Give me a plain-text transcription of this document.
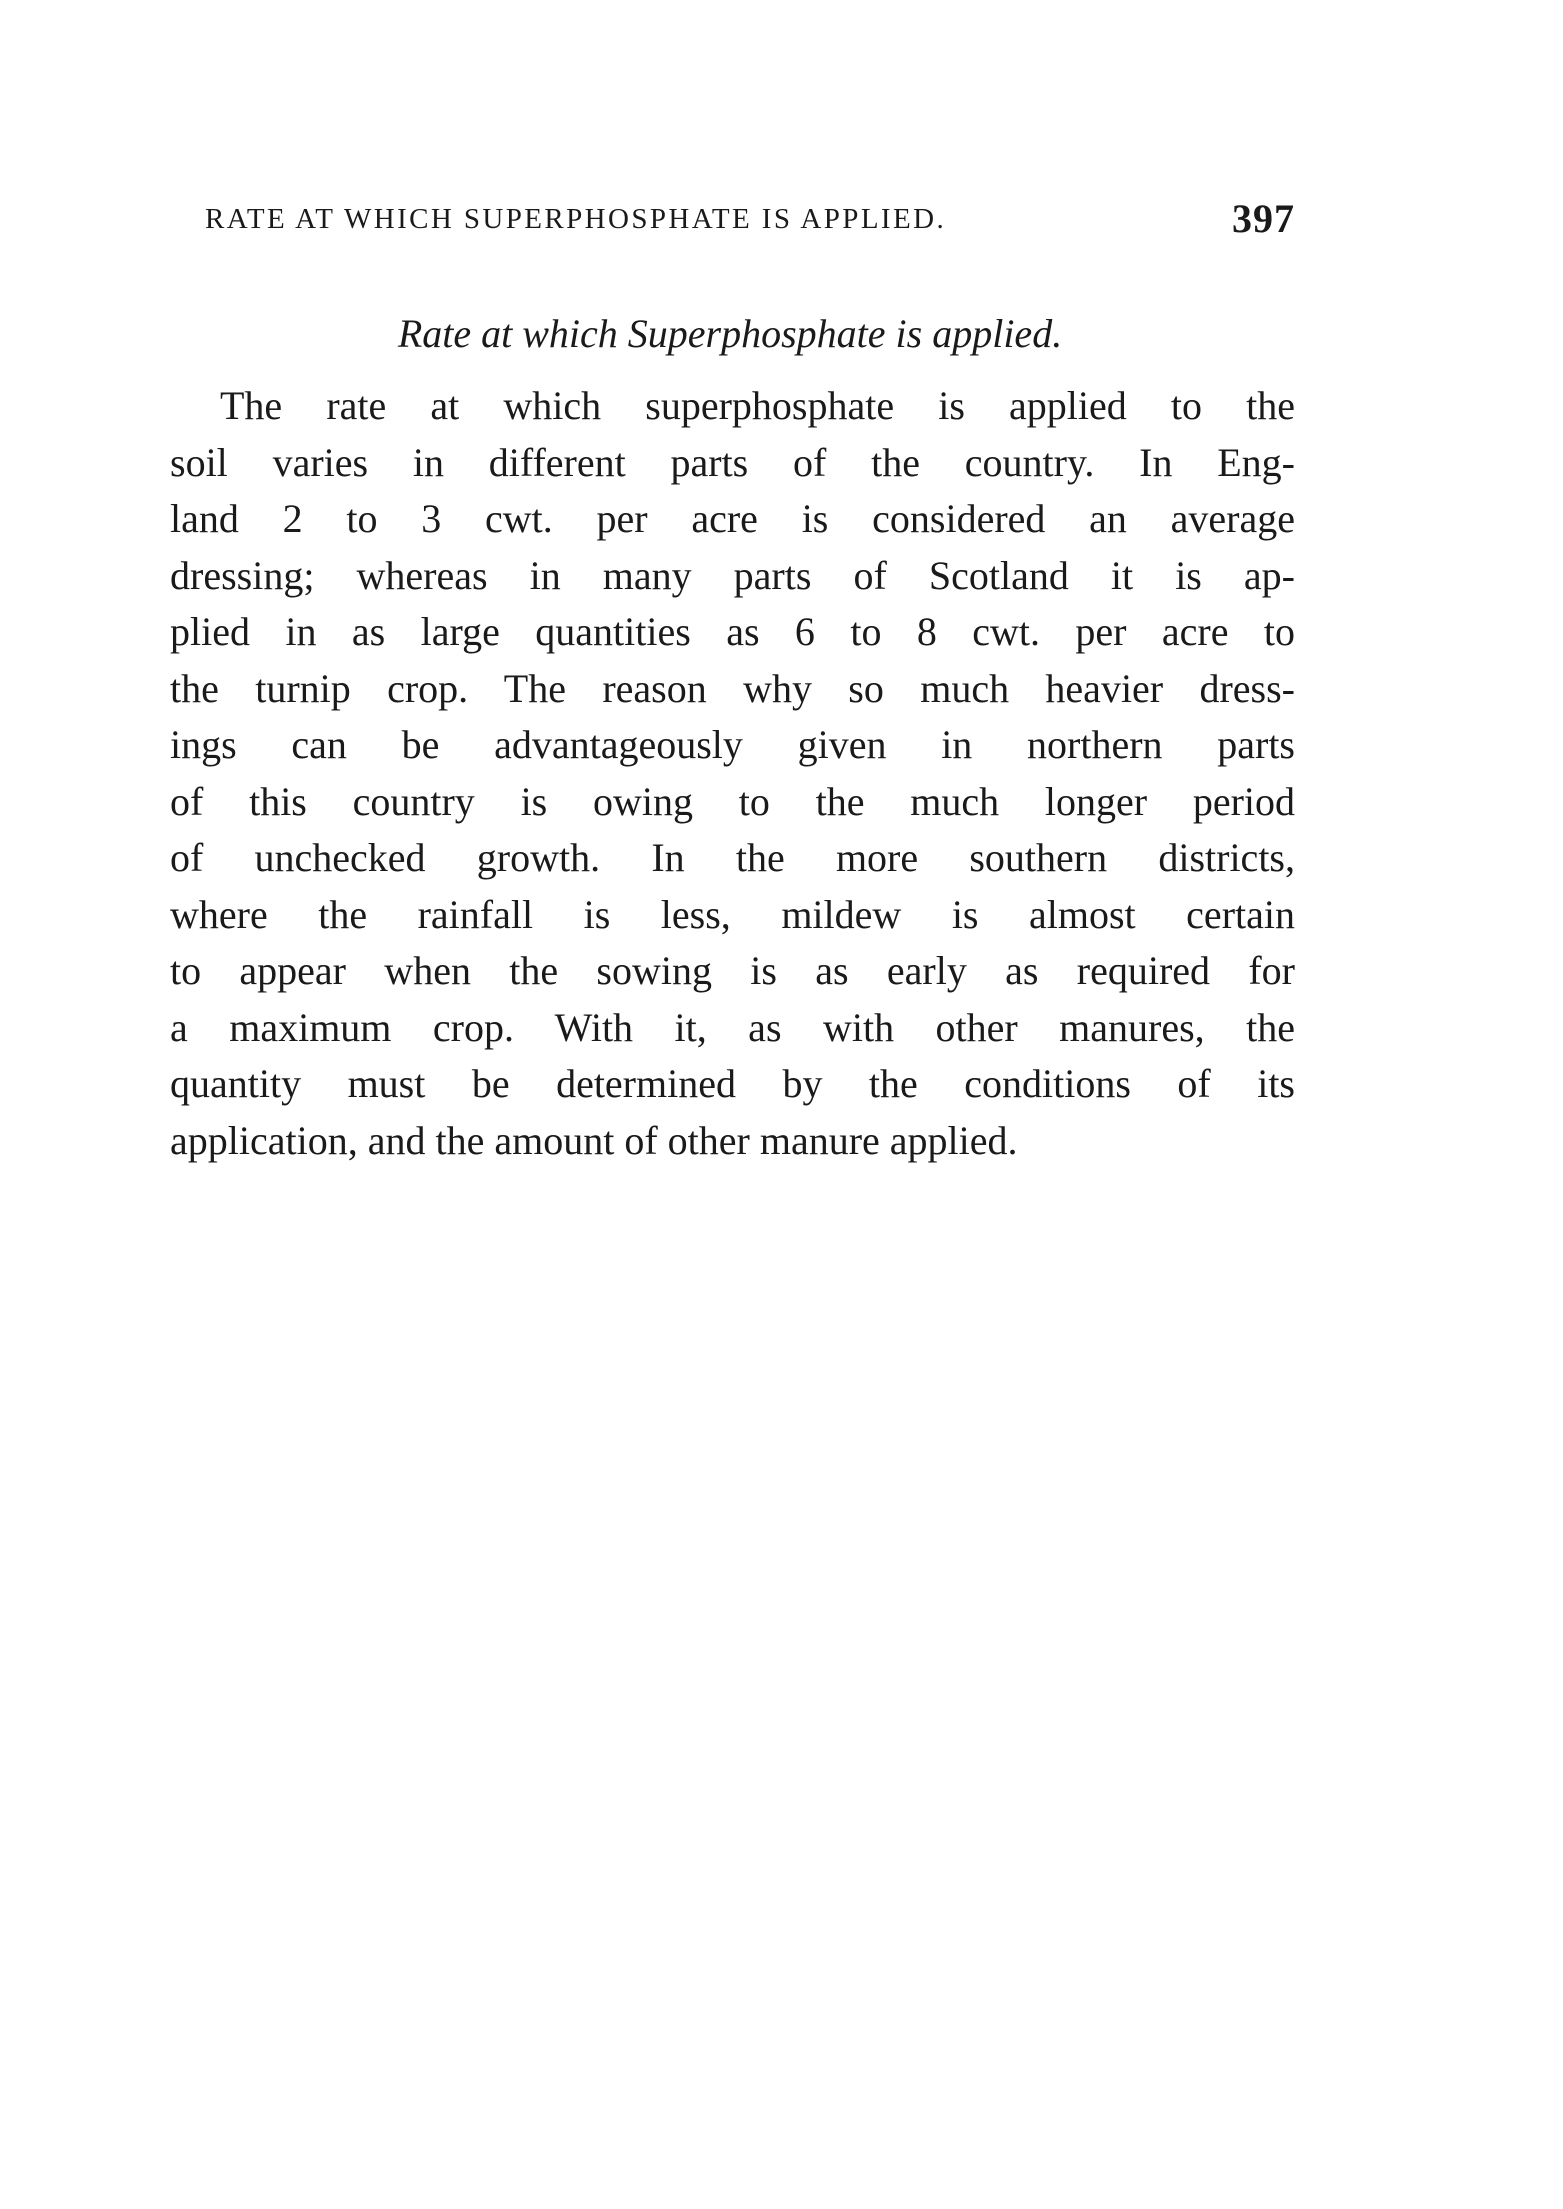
RATE AT WHICH SUPERPHOSPHATE IS APPLIED.	397
Rate at which Superphosphate is applied.
The rate at which superphosphate is applied to the
soil varies in different parts of the country. In Eng-
land 2 to 3 cwt. per acre is considered an average
dressing; whereas in many parts of Scotland it is ap-
plied in as large quantities as 6 to 8 cwt. per acre to
the turnip crop. The reason why so much heavier dress-
ings can be advantageously given in northern parts
of this country is owing to the much longer period
of unchecked growth. In the more southern districts,
where the rainfall is less, mildew is almost certain
to appear when the sowing is as early as required for
a maximum crop. With it, as with other manures, the
quantity must be determined by the conditions of its
application, and the amount of other manure applied.
